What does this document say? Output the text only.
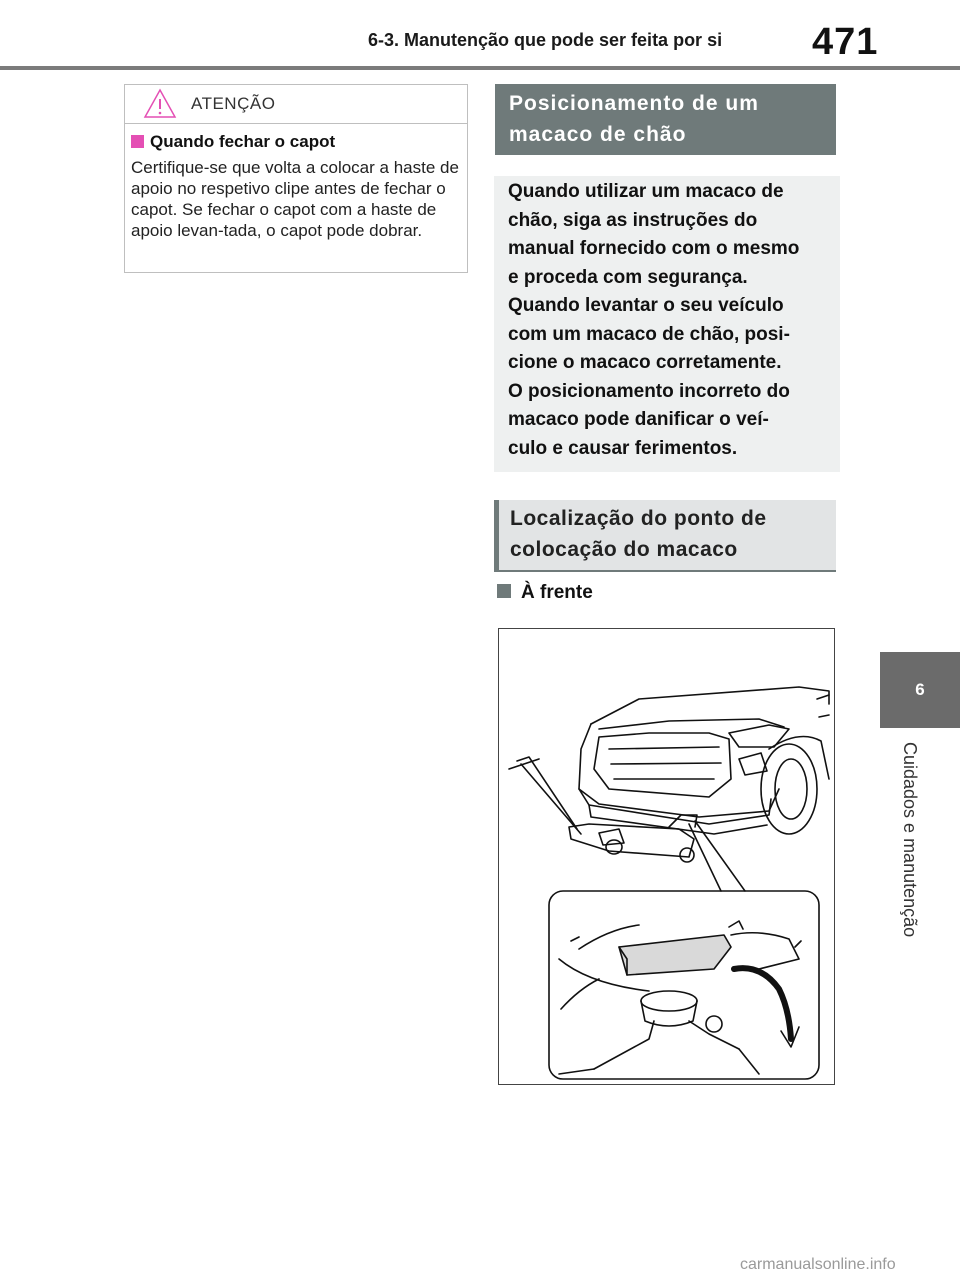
6-3. Manutenção que pode ser feita por si 471
6
Cuidados e manutenção
ATENÇÃO
Quando fechar o capot
Certifique-se que volta a colocar a haste de apoio no respetivo clipe antes de fechar o capot. Se fechar o capot com a haste de apoio levan-tada, o capot pode dobrar.
Posicionamento de um
macaco de chão
Quando utilizar um macaco de
chão, siga as instruções do
manual fornecido com o mesmo
e proceda com segurança.
Quando levantar o seu veículo
com um macaco de chão, posi-
cione o macaco corretamente.
O posicionamento incorreto do
macaco pode danificar o veí-
culo e causar ferimentos.
Localização do ponto de
colocação do macaco
À frente
carmanualsonline.info
